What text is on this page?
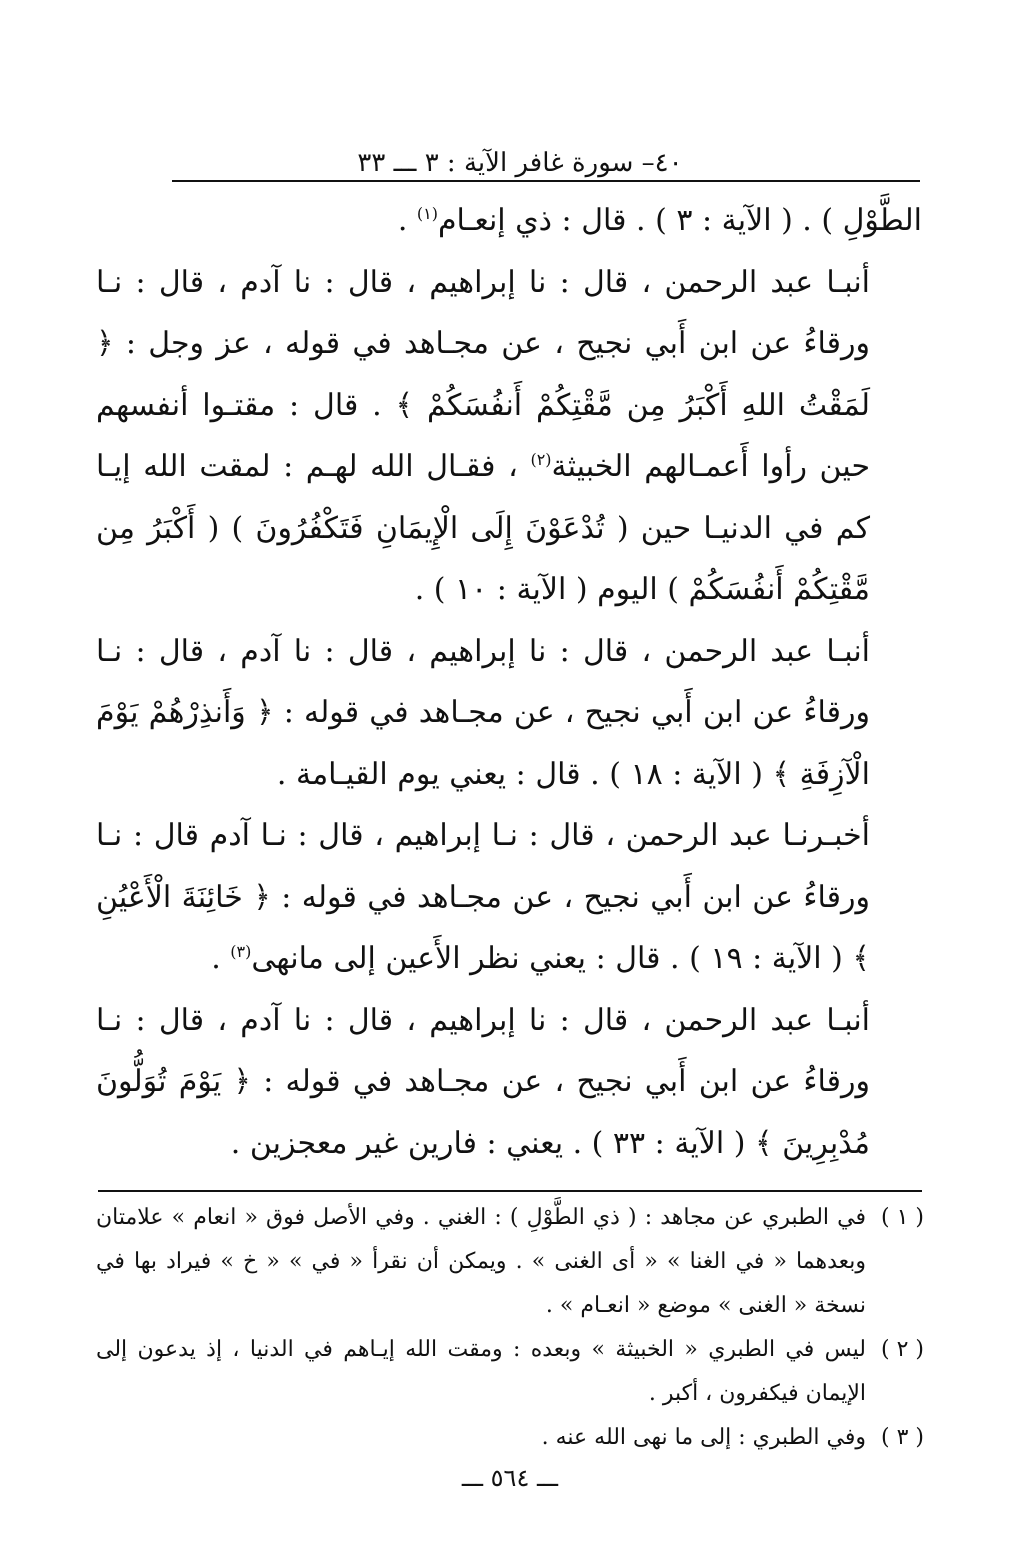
٤٠– سورة غافر الآية : ٣ ـــ ٣٣

الطَّوْلِ ) . ( الآية : ٣ ) . قال : ذي إنعـام$^{(١)}$ .

أنبـا عبد الرحمن ، قال : نا إبراهيم ، قال : نا آدم ، قال : نـا ورقاءُ عن ابن أَبي نجيح ، عن مجـاهد في قوله ، عز وجل : ﴿ لَمَقْتُ اللهِ أَكْبَرُ مِن مَّقْتِكُمْ أَنفُسَكُمْ ﴾ . قال : مقتـوا أنفسهم حين رأوا أَعمـالهم الخبيثة$^{(٢)}$ ، فقـال الله لهـم : لمقت الله إيـا كم في الدنيـا حين ( تُدْعَوْنَ إِلَى الْإِيمَانِ فَتَكْفُرُونَ ) ( أَكْبَرُ مِن مَّقْتِكُمْ أَنفُسَكُمْ ) اليوم ( الآية : ١٠ ) .

أنبـا عبد الرحمن ، قال : نا إبراهيم ، قال : نا آدم ، قال : نـا ورقاءُ عن ابن أَبي نجيح ، عن مجـاهد في قوله : ﴿ وَأَنذِرْهُمْ يَوْمَ الْآزِفَةِ ﴾ ( الآية : ١٨ ) . قال : يعني يوم القيـامة .

أخبـرنـا عبد الرحمن ، قال : نـا إبراهيم ، قال : نـا آدم قال : نـا ورقاءُ عن ابن أَبي نجيح ، عن مجـاهد في قوله : ﴿ خَائِنَةَ الْأَعْيُنِ ﴾ ( الآية : ١٩ ) . قال : يعني نظر الأَعين إلى مانهى$^{(٣)}$ .

أنبـا عبد الرحمن ، قال : نا إبراهيم ، قال : نا آدم ، قال : نـا ورقاءُ عن ابن أَبي نجيح ، عن مجـاهد في قوله : ﴿ يَوْمَ تُوَلُّونَ مُدْبِرِينَ ﴾ ( الآية : ٣٣ ) . يعني : فارين غير معجزين .

( ١ )
في الطبري عن مجاهد : ( ذي الطَّوْلِ ) : الغني . وفي الأصل فوق « انعام » علامتان وبعدهما « في الغنا » « أى الغنى » . ويمكن أن نقرأ « في » « خ » فيراد بها في نسخة « الغنى » موضع « انعـام » .

( ٢ )
ليس في الطبري « الخبيثة » وبعده : ومقت الله إيـاهم في الدنيا ، إذ يدعون إلى الإيمان فيكفرون ، أكبر .

( ٣ )
وفي الطبري : إلى ما نهى الله عنه .

ـــ ٥٦٤ ـــ
